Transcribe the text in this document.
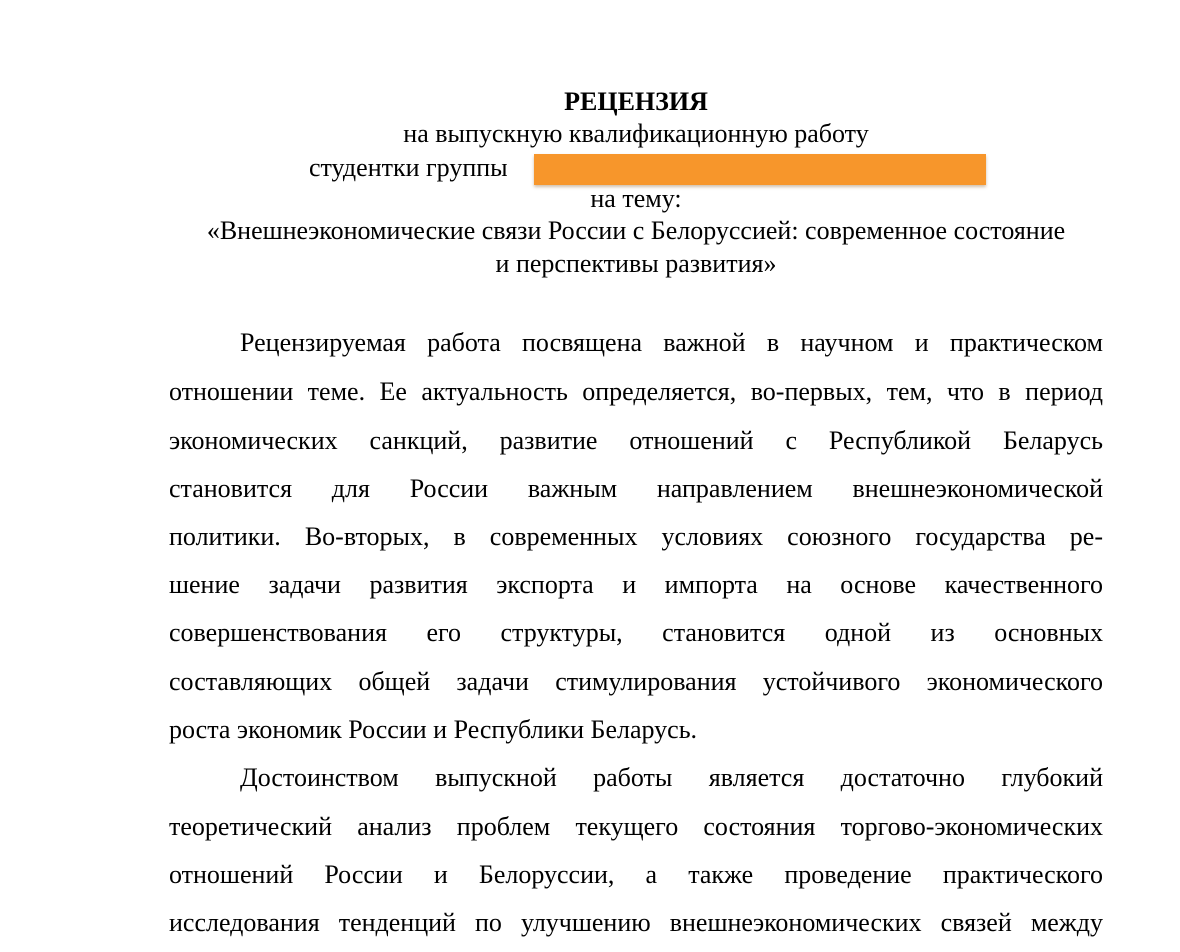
РЕЦЕНЗИЯ
на выпускную квалификационную работу
студентки группы
на тему:
«Внешнеэкономические связи России с Белоруссией: современное состояние
и перспективы развития»
Рецензируемая работа посвящена важной в научном и практическом
отношении теме. Ее актуальность определяется, во-первых, тем, что в период
экономических санкций, развитие отношений с Республикой Беларусь
становится для России важным направлением внешнеэкономической
политики. Во-вторых, в современных условиях союзного государства ре-
шение задачи развития экспорта и импорта на основе качественного
совершенствования его структуры, становится одной из основных
составляющих общей задачи стимулирования устойчивого экономического
роста экономик России и Республики Беларусь.
Достоинством выпускной работы является достаточно глубокий
теоретический анализ проблем текущего состояния торгово-экономических
отношений России и Белоруссии, а также проведение практического
исследования тенденций по улучшению внешнеэкономических связей между
